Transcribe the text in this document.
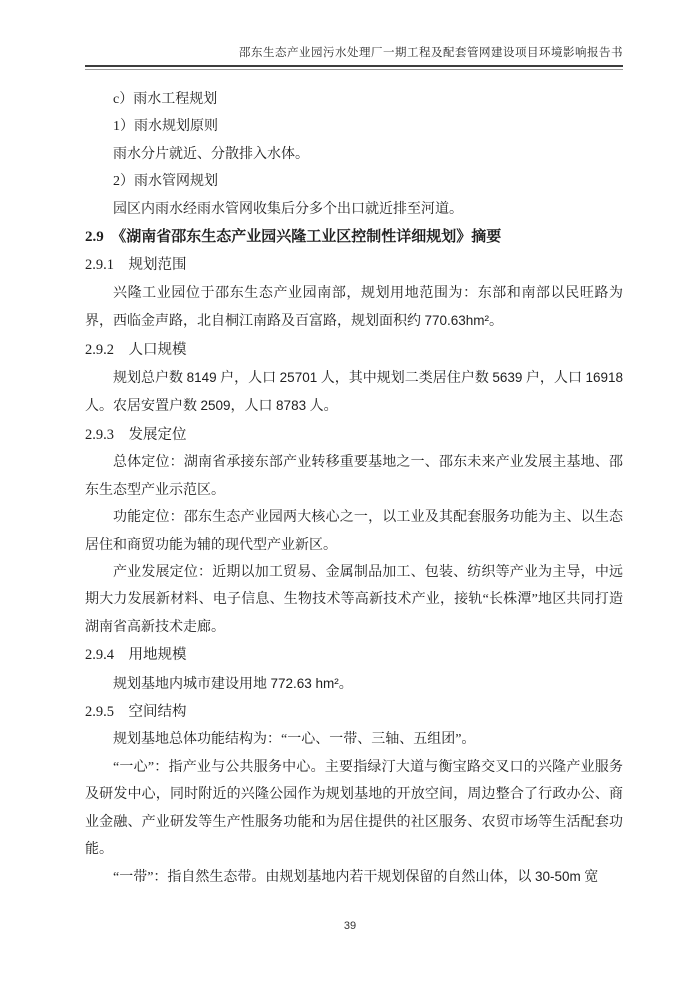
邵东生态产业园污水处理厂一期工程及配套管网建设项目环境影响报告书

c）雨水工程规划

1）雨水规划原则

雨水分片就近、分散排入水体。

2）雨水管网规划

园区内雨水经雨水管网收集后分多个出口就近排至河道。

2.9　《湖南省邵东生态产业园兴隆工业区控制性详细规划》摘要

2.9.1　规划范围

兴隆工业园位于邵东生态产业园南部，规划用地范围为：东部和南部以民旺路为界，西临金声路，北自桐江南路及百富路，规划面积约 770.63hm²。

2.9.2　人口规模

规划总户数 8149 户，人口 25701 人，其中规划二类居住户数 5639 户，人口 16918 人。农居安置户数 2509，人口 8783 人。

2.9.3　发展定位

总体定位：湖南省承接东部产业转移重要基地之一、邵东未来产业发展主基地、邵东生态型产业示范区。

功能定位：邵东生态产业园两大核心之一，以工业及其配套服务功能为主、以生态居住和商贸功能为辅的现代型产业新区。

产业发展定位：近期以加工贸易、金属制品加工、包装、纺织等产业为主导，中远期大力发展新材料、电子信息、生物技术等高新技术产业，接轨“长株潭”地区共同打造湖南省高新技术走廊。

2.9.4　用地规模

规划基地内城市建设用地 772.63 hm²。

2.9.5　空间结构

规划基地总体功能结构为：“一心、一带、三轴、五组团”。

“一心”：指产业与公共服务中心。主要指绿汀大道与衡宝路交叉口的兴隆产业服务及研发中心，同时附近的兴隆公园作为规划基地的开放空间，周边整合了行政办公、商业金融、产业研发等生产性服务功能和为居住提供的社区服务、农贸市场等生活配套功能。

“一带”：指自然生态带。由规划基地内若干规划保留的自然山体，以 30-50m 宽

39
